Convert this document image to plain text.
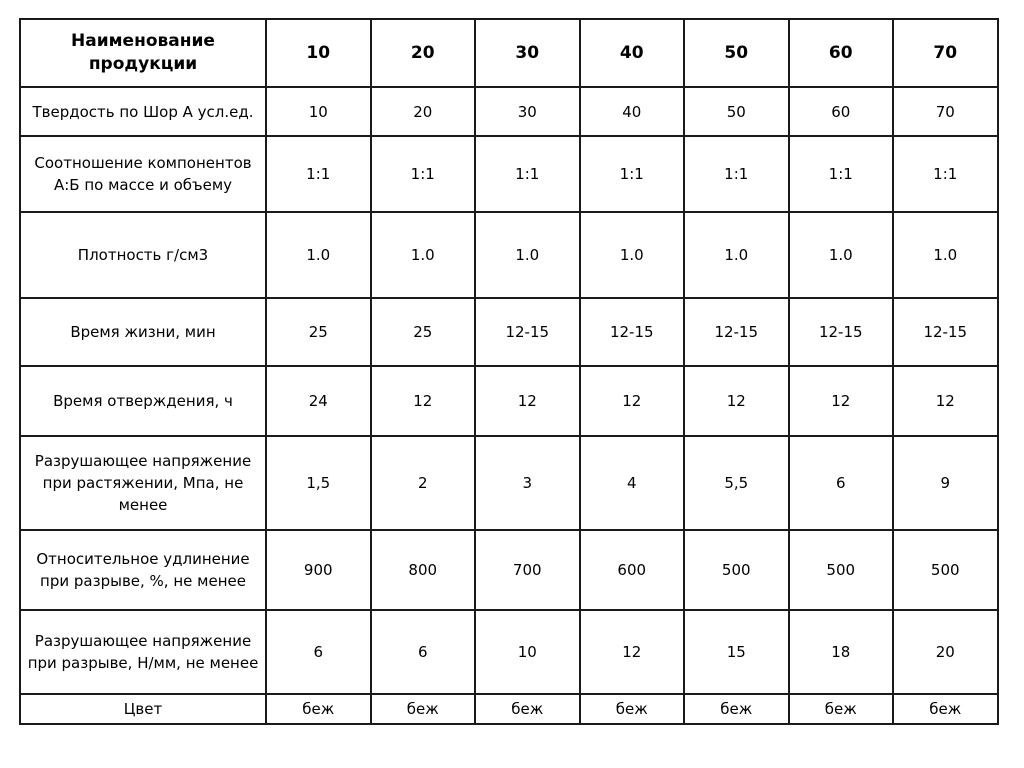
Наименование продукции	10	20	30	40	50	60	70
Твердость по Шор А усл.ед.	10	20	30	40	50	60	70
Соотношение компонентов А:Б по массе и объему	1:1	1:1	1:1	1:1	1:1	1:1	1:1
Плотность г/см3	1.0	1.0	1.0	1.0	1.0	1.0	1.0
Время жизни, мин	25	25	12-15	12-15	12-15	12-15	12-15
Время отверждения, ч	24	12	12	12	12	12	12
Разрушающее напряжение при растяжении, Мпа, не менее	1,5	2	3	4	5,5	6	9
Относительное удлинение при разрыве, %, не менее	900	800	700	600	500	500	500
Разрушающее напряжение при разрыве, Н/мм, не менее	6	6	10	12	15	18	20
Цвет	беж	беж	беж	беж	беж	беж	беж
